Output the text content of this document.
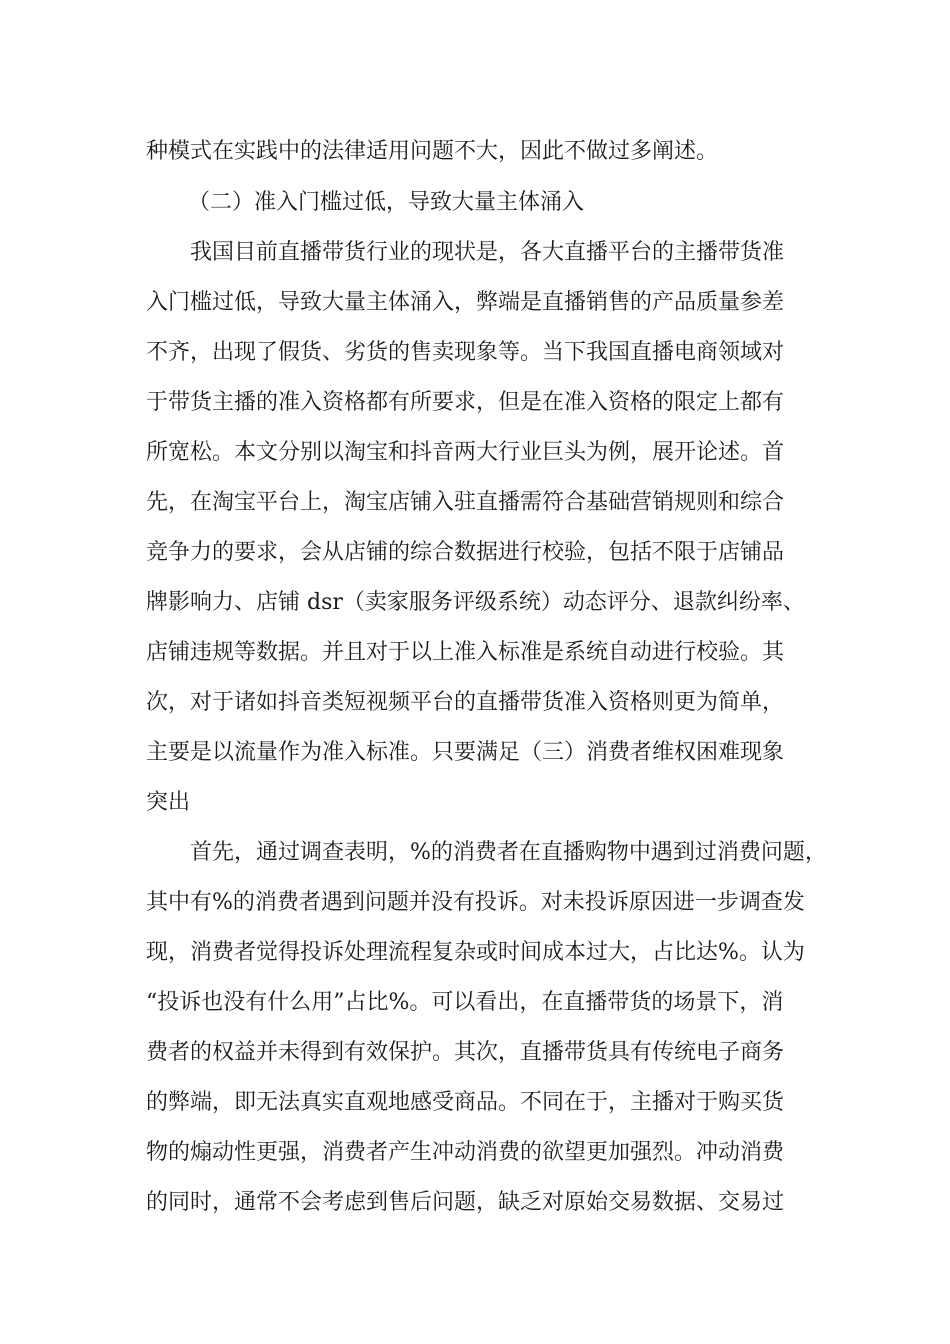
种模式在实践中的法律适用问题不大，因此不做过多阐述。
（二）准入门槛过低，导致大量主体涌入
我国目前直播带货行业的现状是，各大直播平台的主播带货准
入门槛过低，导致大量主体涌入，弊端是直播销售的产品质量参差
不齐，出现了假货、劣货的售卖现象等。当下我国直播电商领域对
于带货主播的准入资格都有所要求，但是在准入资格的限定上都有
所宽松。本文分别以淘宝和抖音两大行业巨头为例，展开论述。首
先，在淘宝平台上，淘宝店铺入驻直播需符合基础营销规则和综合
竞争力的要求，会从店铺的综合数据进行校验，包括不限于店铺品
牌影响力、店铺 dsr（卖家服务评级系统）动态评分、退款纠纷率、
店铺违规等数据。并且对于以上准入标准是系统自动进行校验。其
次，对于诸如抖音类短视频平台的直播带货准入资格则更为简单，
主要是以流量作为准入标准。只要满足（三）消费者维权困难现象
突出
首先，通过调查表明，%的消费者在直播购物中遇到过消费问题，
其中有%的消费者遇到问题并没有投诉。对未投诉原因进一步调查发
现，消费者觉得投诉处理流程复杂或时间成本过大，占比达%。认为
“投诉也没有什么用”占比%。可以看出，在直播带货的场景下，消
费者的权益并未得到有效保护。其次，直播带货具有传统电子商务
的弊端，即无法真实直观地感受商品。不同在于，主播对于购买货
物的煽动性更强，消费者产生冲动消费的欲望更加强烈。冲动消费
的同时，通常不会考虑到售后问题，缺乏对原始交易数据、交易过
